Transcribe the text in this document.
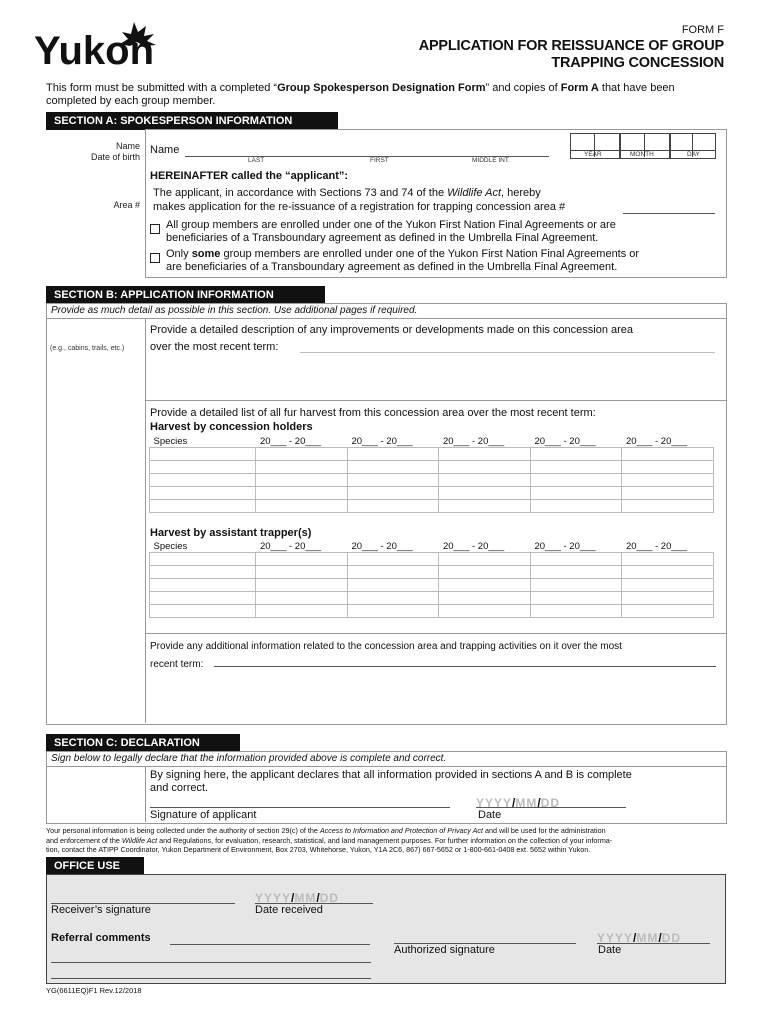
Yukon	FORM F
APPLICATION FOR REISSUANCE OF GROUP
TRAPPING CONCESSION
This form must be submitted with a completed “Group Spokesperson Designation Form” and copies of Form A that have been completed by each group member.
SECTION A: SPOKESPERSON INFORMATION
Name
Date of birth
Name
LAST	FIRST	MIDDLE INT.
YEAR	MONTH	DAY
HEREINAFTER called the “applicant”:
The applicant, in accordance with Sections 73 and 74 of the Wildlife Act, hereby
makes application for the re-issuance of a registration for trapping concession area #
Area #
All group members are enrolled under one of the Yukon First Nation Final Agreements or are
beneficiaries of a Transboundary agreement as defined in the Umbrella Final Agreement.
Only some group members are enrolled under one of the Yukon First Nation Final Agreements or
are beneficiaries of a Transboundary agreement as defined in the Umbrella Final Agreement.
SECTION B: APPLICATION INFORMATION
Provide as much detail as possible in this section. Use additional pages if required.
(e.g., cabins, trails, etc.)
Provide a detailed description of any improvements or developments made on this concession area
over the most recent term:
Provide a detailed list of all fur harvest from this concession area over the most recent term:
Harvest by concession holders
Species	20___ - 20___	20___ - 20___	20___ - 20___	20___ - 20___	20___ - 20___

Harvest by assistant trapper(s)
Species	20___ - 20___	20___ - 20___	20___ - 20___	20___ - 20___	20___ - 20___

Provide any additional information related to the concession area and trapping activities on it over the most
recent term:
SECTION C: DECLARATION
Sign below to legally declare that the information provided above is complete and correct.
By signing here, the applicant declares that all information provided in sections A and B is complete
and correct.
Signature of applicant
YYYY/MM/DD
Date
Your personal information is being collected under the authority of section 29(c) of the Access to Information and Protection of Privacy Act and will be used for the administration
and enforcement of the Wildlife Act and Regulations, for evaluation, research, statistical, and land management purposes. For further information on the collection of your informa-
tion, contact the ATIPP Coordinator, Yukon Department of Environment, Box 2703, Whitehorse, Yukon, Y1A 2C6, 867) 667-5652 or 1-800-661-0408 ext. 5652 within Yukon.
OFFICE USE
Receiver’s signature
YYYY/MM/DD
Date received
Referral comments
Authorized signature
YYYY/MM/DD
Date
YG(6611EQ)F1 Rev.12/2018
